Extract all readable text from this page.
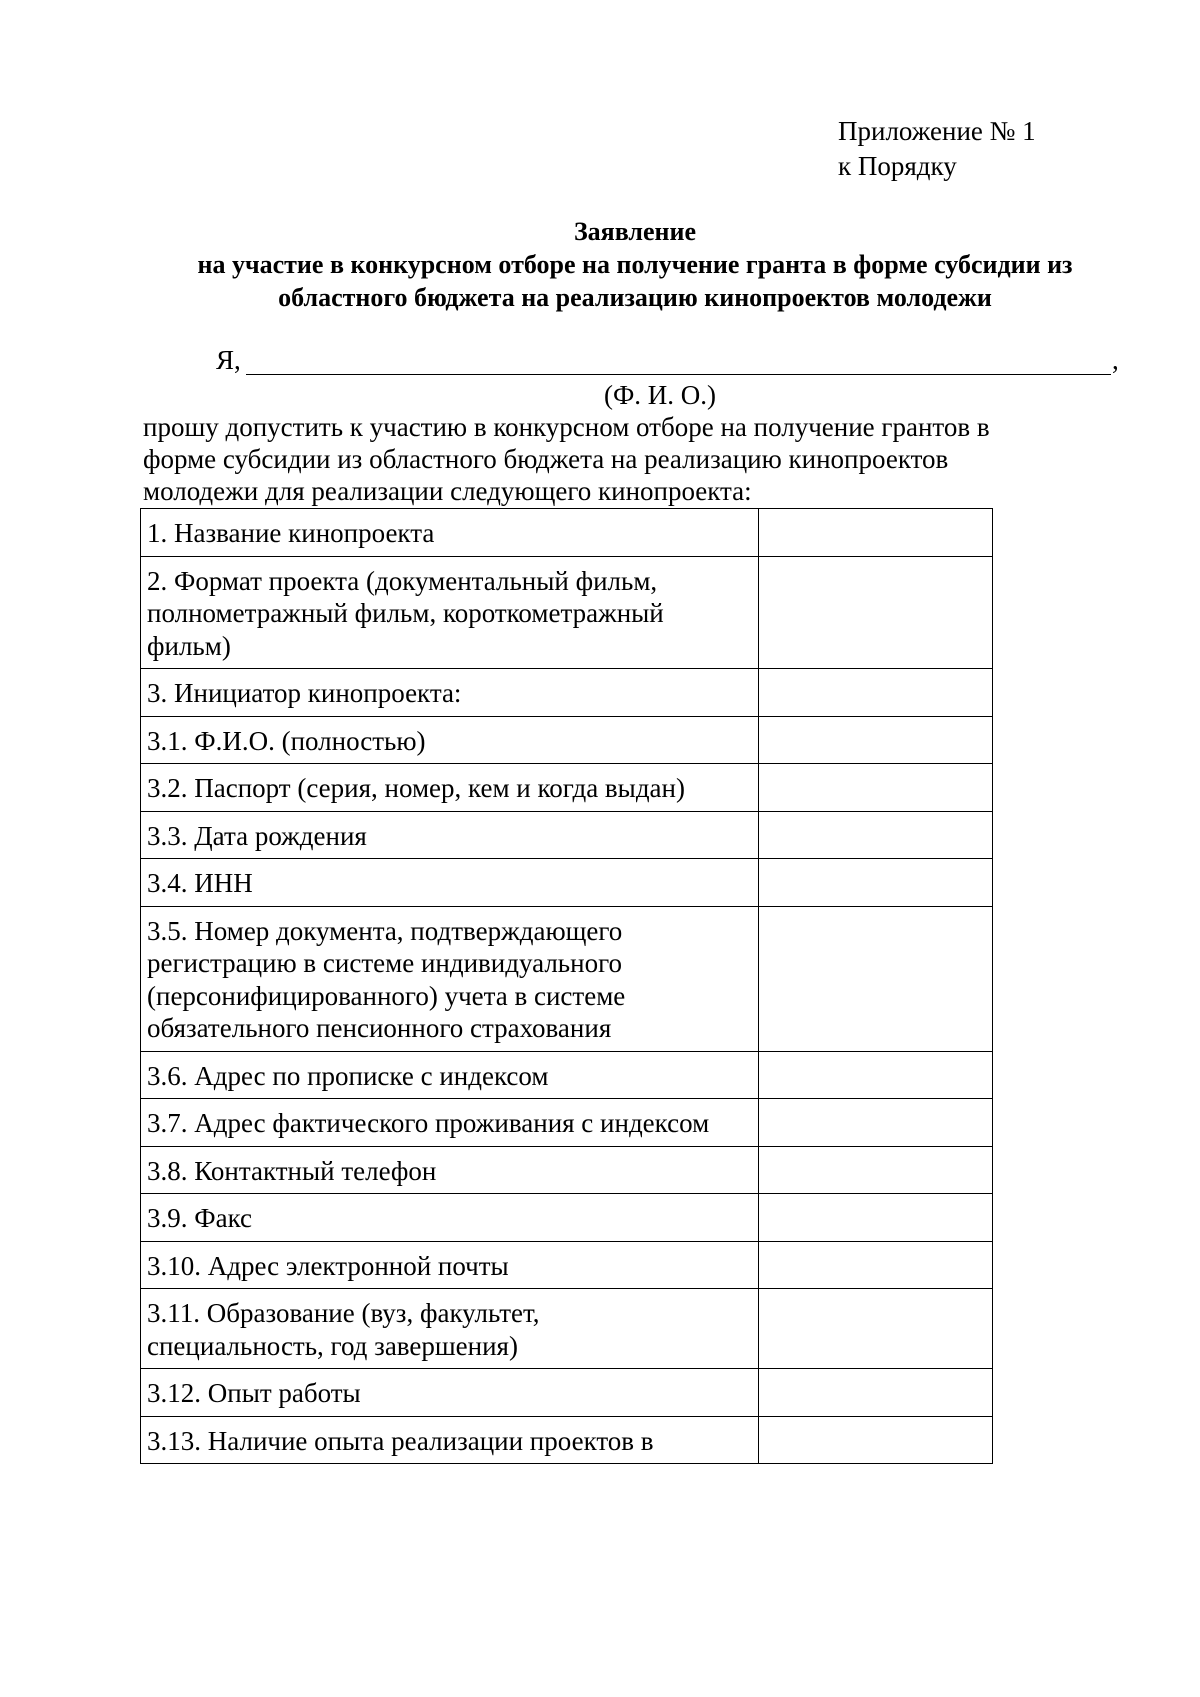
Приложение № 1
к Порядку
Заявление
на участие в конкурсном отборе на получение гранта в форме субсидии из
областного бюджета на реализацию кинопроектов молодежи
Я,	,
(Ф. И. О.)
прошу допустить к участию в конкурсном отборе на получение грантов в
форме субсидии из областного бюджета на реализацию кинопроектов
молодежи для реализации следующего кинопроекта:
1. Название кинопроекта	

2. Формат проекта (документальный фильм,
полнометражный фильм, короткометражный
фильм)	

3. Инициатор кинопроекта:	

3.1. Ф.И.О. (полностью)	

3.2. Паспорт (серия, номер, кем и когда выдан)	

3.3. Дата рождения	

3.4. ИНН	

3.5. Номер документа, подтверждающего
регистрацию в системе индивидуального
(персонифицированного) учета в системе
обязательного пенсионного страхования	

3.6. Адрес по прописке с индексом	

3.7. Адрес фактического проживания с индексом	

3.8. Контактный телефон	

3.9. Факс	

3.10. Адрес электронной почты	

3.11. Образование (вуз, факультет,
специальность, год завершения)	

3.12. Опыт работы	

3.13. Наличие опыта реализации проектов в	
